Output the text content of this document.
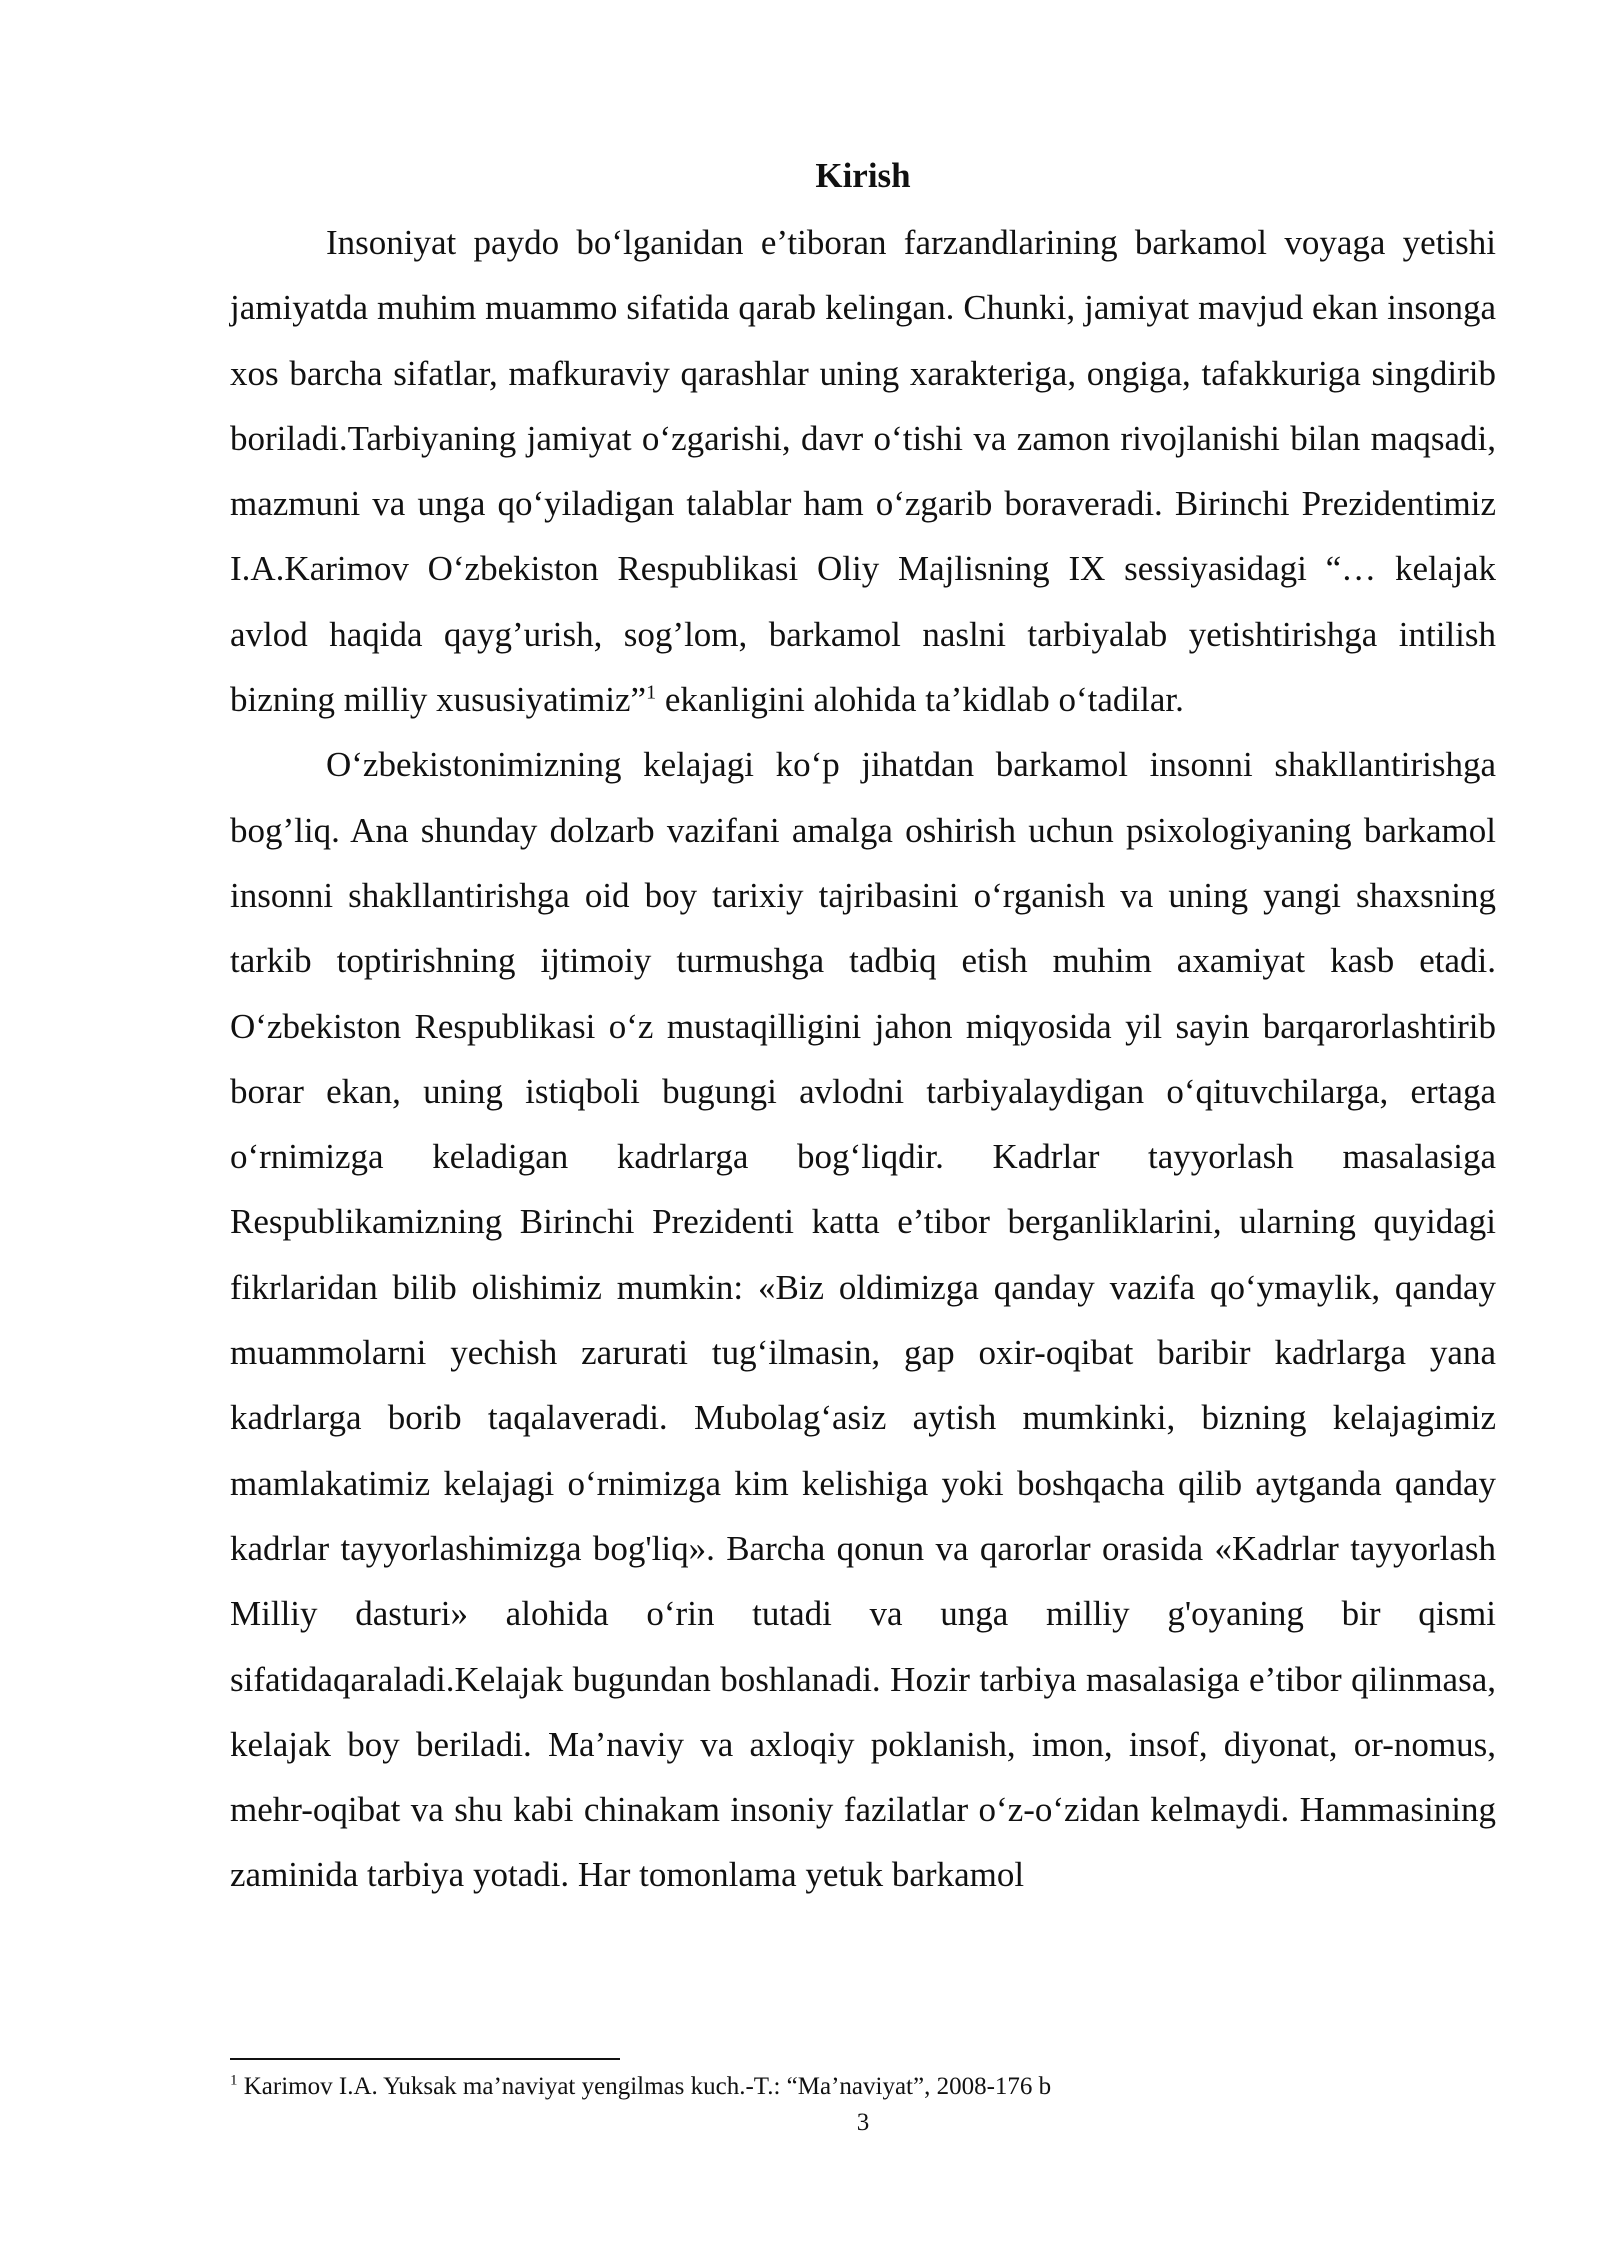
Kirish

Insoniyat paydo bo‘lganidan e’tiboran farzandlarining barkamol voyaga yetishi jamiyatda muhim muammo sifatida qarab kelingan. Chunki, jamiyat mavjud ekan insonga xos barcha sifatlar, mafkuraviy qarashlar uning xarakteriga, ongiga, tafakkuriga singdirib boriladi.Tarbiyaning jamiyat o‘zgarishi, davr o‘tishi va zamon rivojlanishi bilan maqsadi, mazmuni va unga qo‘yiladigan talablar ham o‘zgarib boraveradi. Birinchi Prezidentimiz I.A.Karimov O‘zbekiston Respublikasi Oliy Majlisning IX sessiyasidagi “… kelajak avlod haqida qayg’urish, sog’lom, barkamol naslni tarbiyalab yetishtirishga intilish bizning milliy xususiyatimiz”$^1$ ekanligini alohida ta’kidlab o‘tadilar.

O‘zbekistonimizning kelajagi ko‘p jihatdan barkamol insonni shakllantirishga bog’liq. Ana shunday dolzarb vazifani amalga oshirish uchun psixologiyaning barkamol insonni shakllantirishga oid boy tarixiy tajribasini o‘rganish va uning yangi shaxsning tarkib toptirishning ijtimoiy turmushga tadbiq etish muhim axamiyat kasb etadi. O‘zbekiston Respublikasi o‘z mustaqilligini jahon miqyosida yil sayin barqarorlashtirib borar ekan, uning istiqboli bugungi avlodni tarbiyalaydigan o‘qituvchilarga, ertaga o‘rnimizga keladigan kadrlarga bog‘liqdir. Kadrlar tayyorlash masalasiga Respublikamizning Birinchi Prezidenti katta e’tibor berganliklarini, ularning quyidagi fikrlaridan bilib olishimiz mumkin: «Biz oldimizga qanday vazifa qo‘ymaylik, qanday muammolarni yechish zarurati tug‘ilmasin, gap oxir-oqibat baribir kadrlarga yana kadrlarga borib taqalaveradi. Mubolag‘asiz aytish mumkinki, bizning kelajagimiz mamlakatimiz kelajagi o‘rnimizga kim kelishiga yoki boshqacha qilib aytganda qanday kadrlar tayyorlashimizga bog'liq». Barcha qonun va qarorlar orasida «Kadrlar tayyorlash Milliy dasturi» alohida o‘rin tutadi va unga milliy g'oyaning bir qismi sifatidaqaraladi.Kelajak bugundan boshlanadi. Hozir tarbiya masalasiga e’tibor qilinmasa, kelajak boy beriladi. Ma’naviy va axloqiy poklanish, imon, insof, diyonat, or-nomus, mehr-oqibat va shu kabi chinakam insoniy fazilatlar o‘z-o‘zidan kelmaydi. Hammasining zaminida tarbiya yotadi. Har tomonlama yetuk barkamol

$^1$ Karimov I.A. Yuksak ma’naviyat yengilmas kuch.-T.: “Ma’naviyat”, 2008-176 b

3
